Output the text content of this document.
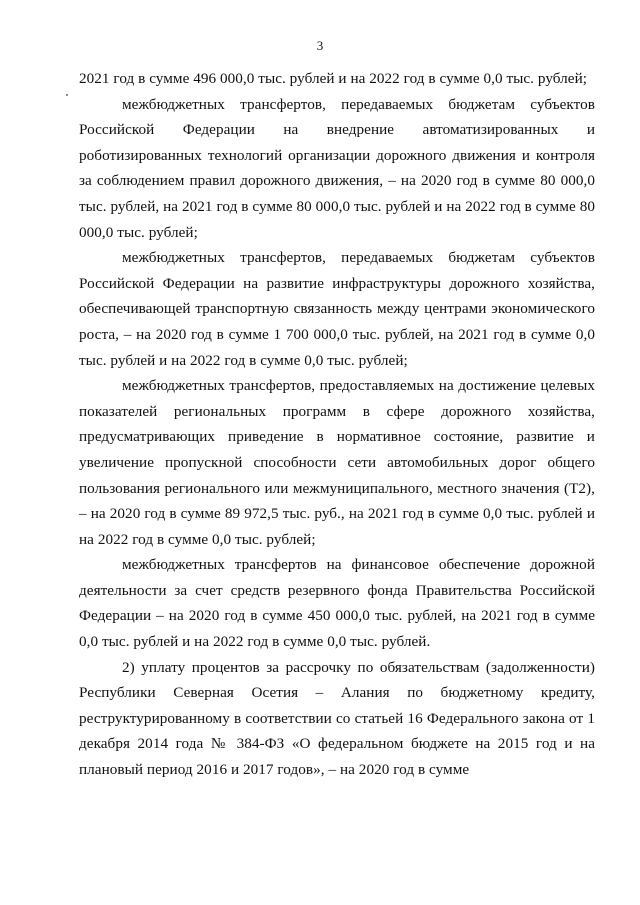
3

2021 год в сумме 496 000,0 тыс. рублей и на 2022 год в сумме 0,0 тыс. рублей;

межбюджетных трансфертов, передаваемых бюджетам субъектов Российской Федерации на внедрение автоматизированных и роботизированных технологий организации дорожного движения и контроля за соблюдением правил дорожного движения, – на 2020 год в сумме 80 000,0 тыс. рублей, на 2021 год в сумме 80 000,0 тыс. рублей и на 2022 год в сумме 80 000,0 тыс. рублей;

межбюджетных трансфертов, передаваемых бюджетам субъектов Российской Федерации на развитие инфраструктуры дорожного хозяйства, обеспечивающей транспортную связанность между центрами экономического роста, – на 2020 год в сумме 1 700 000,0 тыс. рублей, на 2021 год в сумме 0,0 тыс. рублей и на 2022 год в сумме 0,0 тыс. рублей;

межбюджетных трансфертов, предоставляемых на достижение целевых показателей региональных программ в сфере дорожного хозяйства, предусматривающих приведение в нормативное состояние, развитие и увеличение пропускной способности сети автомобильных дорог общего пользования регионального или межмуниципального, местного значения (Т2), – на 2020 год в сумме 89 972,5 тыс. руб., на 2021 год в сумме 0,0 тыс. рублей и на 2022 год в сумме 0,0 тыс. рублей;

межбюджетных трансфертов на финансовое обеспечение дорожной деятельности за счет средств резервного фонда Правительства Российской Федерации – на 2020 год в сумме 450 000,0 тыс. рублей, на 2021 год в сумме 0,0 тыс. рублей и на 2022 год в сумме 0,0 тыс. рублей.

2) уплату процентов за рассрочку по обязательствам (задолженности) Республики Северная Осетия – Алания по бюджетному кредиту, реструктурированному в соответствии со статьей 16 Федерального закона от 1 декабря 2014 года № 384-ФЗ «О федеральном бюджете на 2015 год и на плановый период 2016 и 2017 годов», – на 2020 год в сумме
